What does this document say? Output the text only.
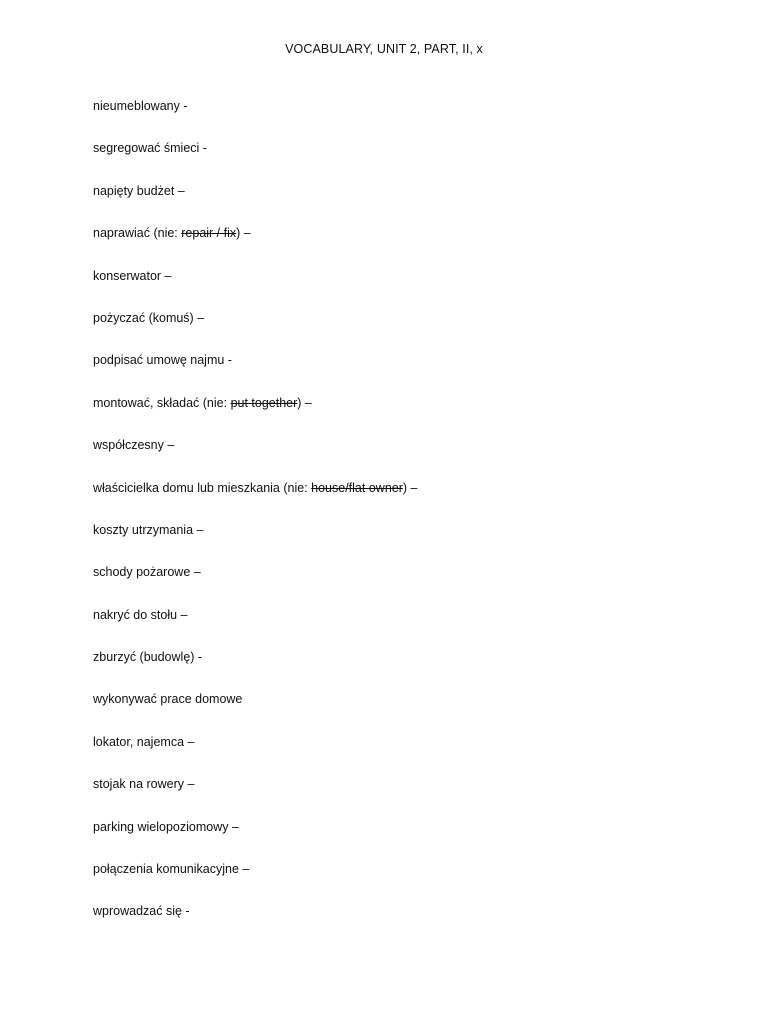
VOCABULARY, UNIT 2, PART, II, x
nieumeblowany -
segregować śmieci -
napięty budżet –
naprawiać (nie: repair / fix) –
konserwator –
pożyczać (komuś) –
podpisać umowę najmu -
montować, składać (nie: put together) –
współczesny –
właścicielka domu lub mieszkania (nie: house/flat owner) –
koszty utrzymania –
schody pożarowe –
nakryć do stołu –
zburzyć (budowlę) -
wykonywać prace domowe
lokator, najemca –
stojak na rowery –
parking wielopoziomowy –
połączenia komunikacyjne –
wprowadzać się -
